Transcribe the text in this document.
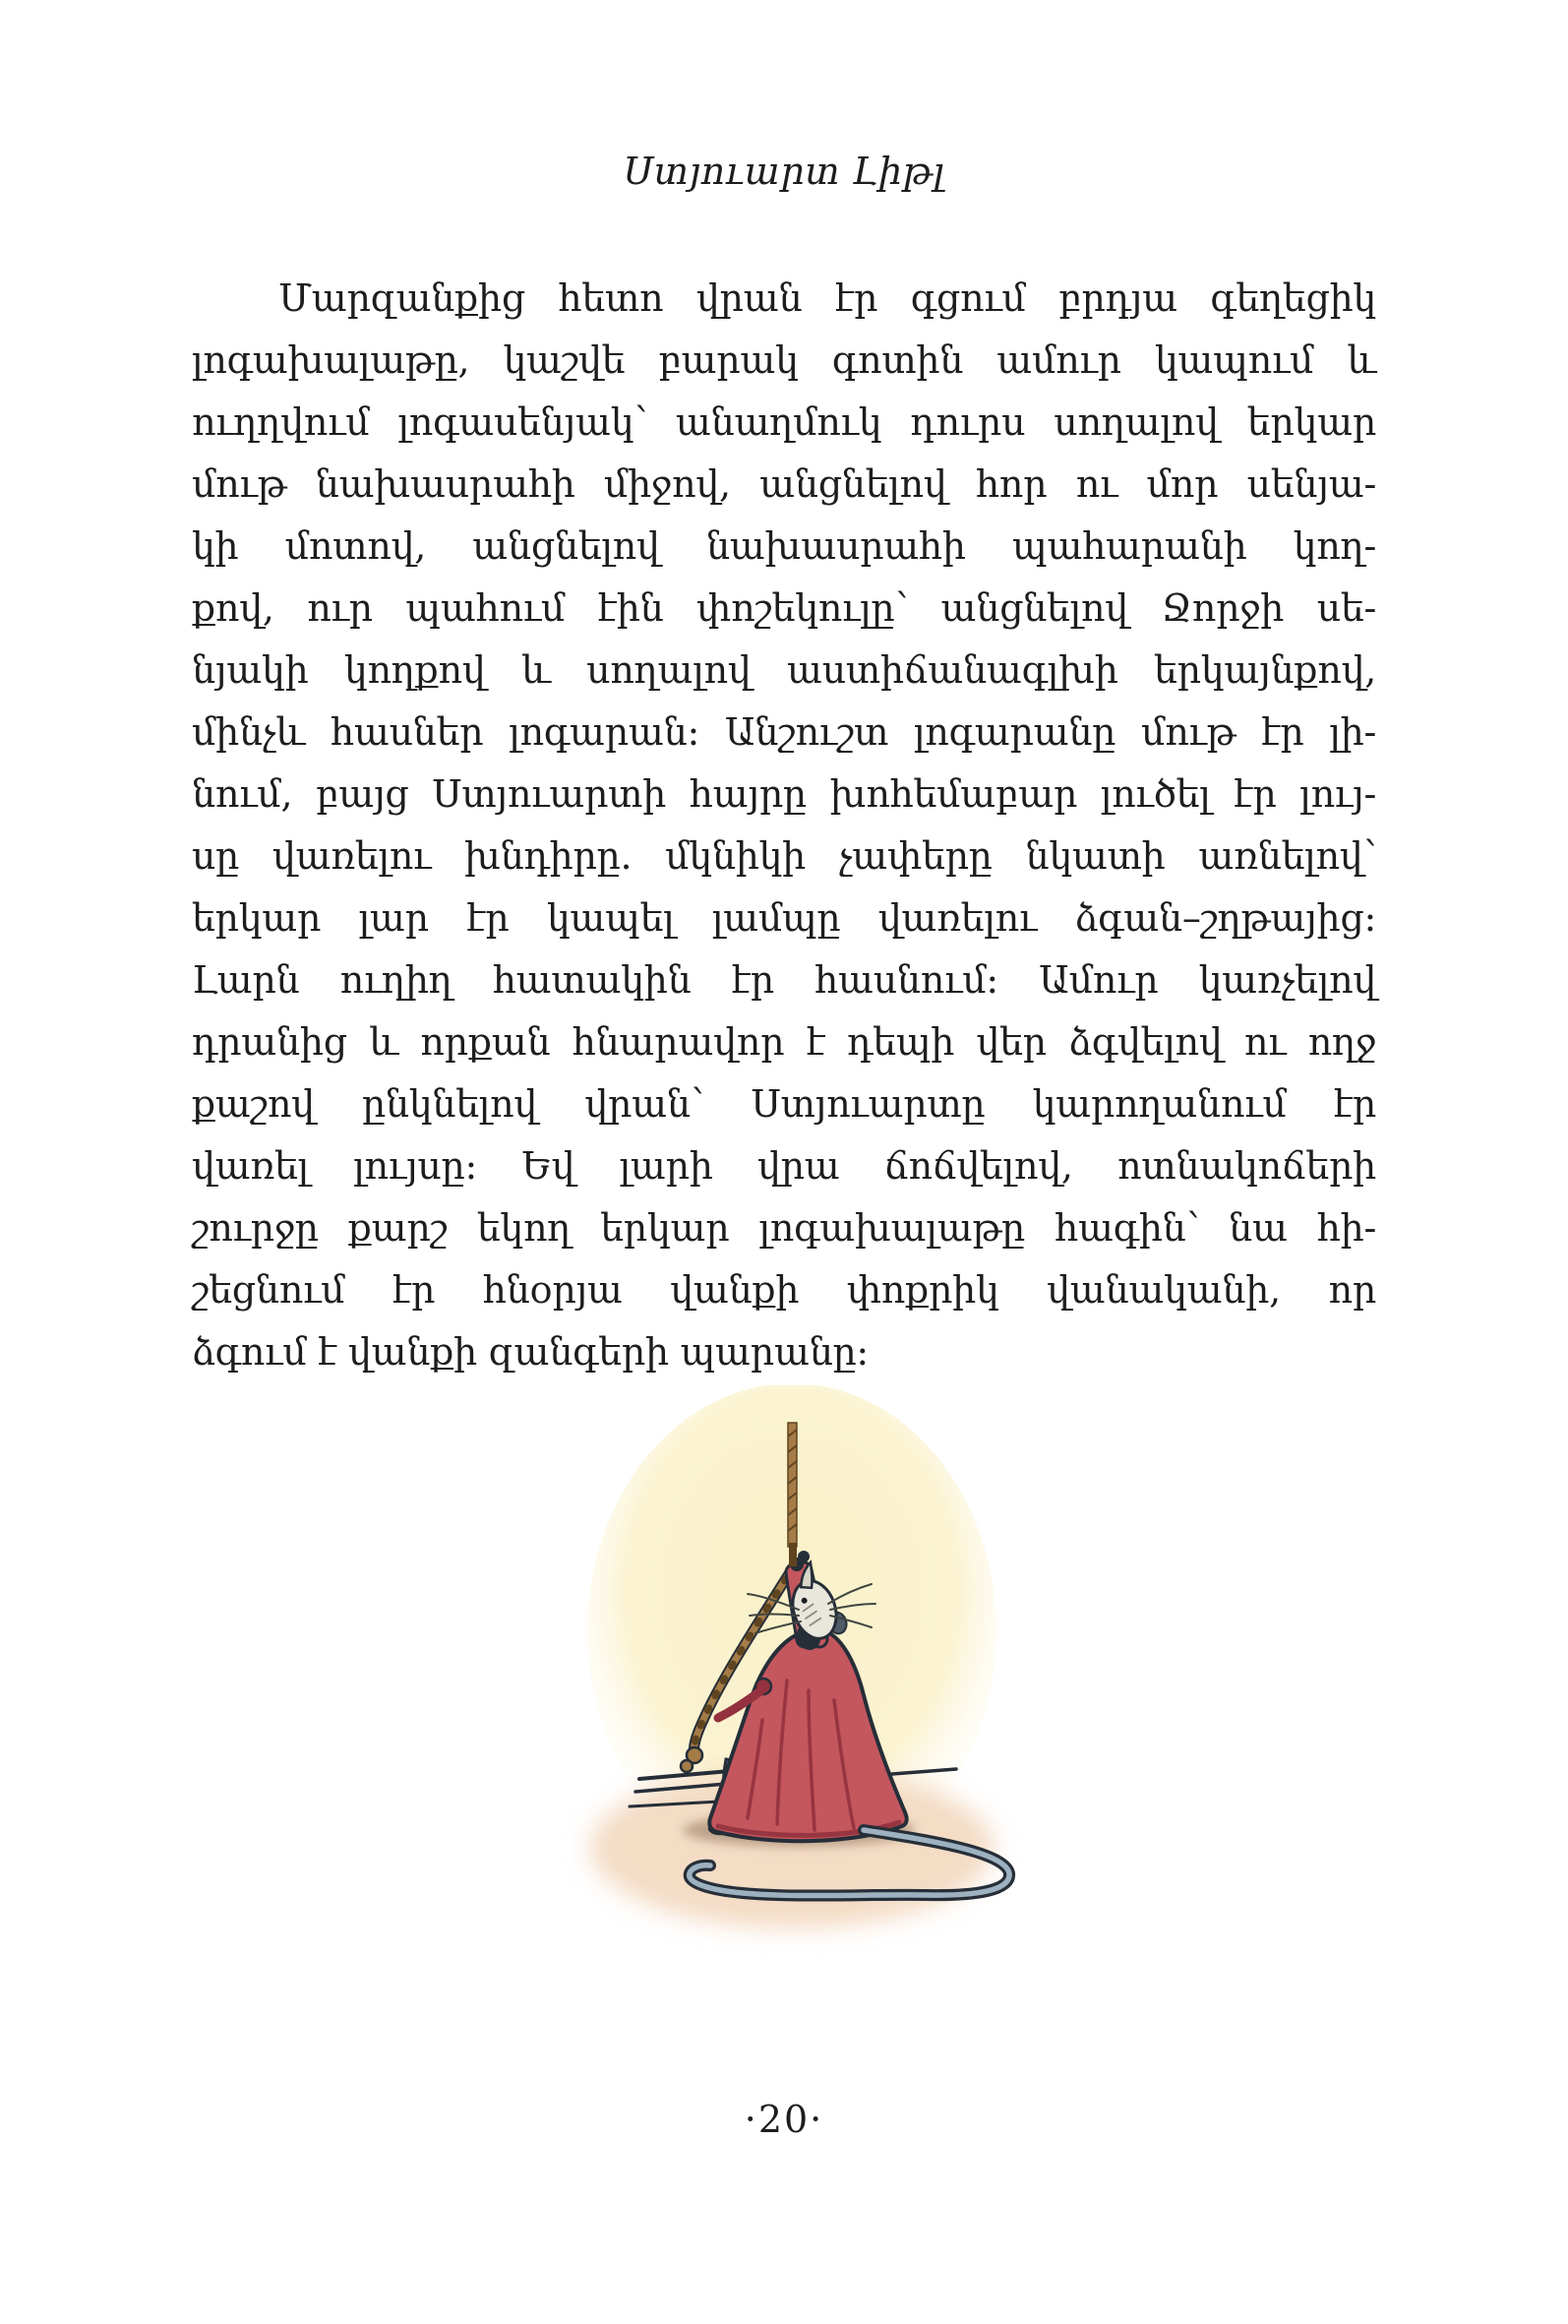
Ստյուարտ Լիթլ
Մարզանքից հետո վրան էր գցում բրդյա գեղեցիկ
լոգախալաթը, կաշվե բարակ գոտին ամուր կապում և
ուղղվում լոգասենյակ՝ անաղմուկ դուրս սողալով երկար
մութ նախասրահի միջով, անցնելով հոր ու մոր սենյա-
կի մոտով, անցնելով նախասրահի պահարանի կող-
քով, ուր պահում էին փոշեկուլը՝ անցնելով Ջորջի սե-
նյակի կողքով և սողալով աստիճանագլխի երկայնքով,
մինչև հասներ լոգարան: Անշուշտ լոգարանը մութ էր լի-
նում, բայց Ստյուարտի հայրը խոհեմաբար լուծել էր լույ-
սը վառելու խնդիրը. մկնիկի չափերը նկատի առնելով՝
երկար լար էր կապել լամպը վառելու ձգան–շղթայից:
Լարն ուղիղ հատակին էր հասնում: Ամուր կառչելով
դրանից և որքան հնարավոր է դեպի վեր ձգվելով ու ողջ
քաշով ընկնելով վրան՝ Ստյուարտը կարողանում էր
վառել լույսը: Եվ լարի վրա ճոճվելով, ոտնակոճերի
շուրջը քարշ եկող երկար լոգախալաթը հագին՝ նա հի-
շեցնում էր հնօրյա վանքի փոքրիկ վանականի, որ
ձգում է վանքի զանգերի պարանը:
·20·
